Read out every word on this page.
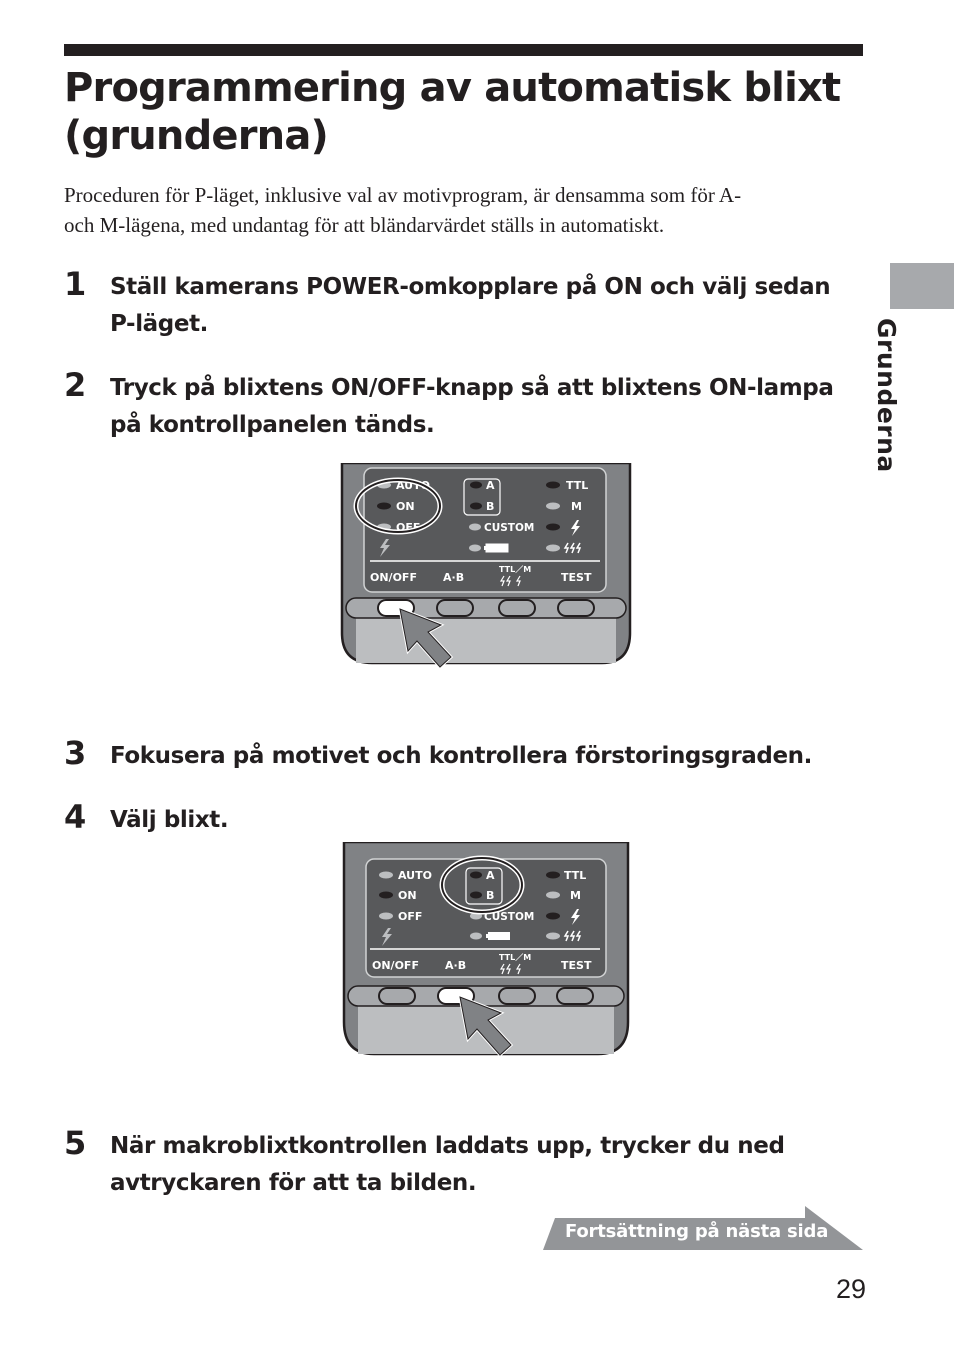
Programmering av automatisk blixt
(grunderna)

Proceduren för P-läget, inklusive val av motivprogram, är densamma som för A-
och M-lägena, med undantag för att bländarvärdet ställs in automatiskt.

Grunderna
1 Ställ kamerans POWER-omkopplare på ON och välj sedan
P-läget.

2 Tryck på blixtens ON/OFF-knapp så att blixtens ON-lampa
på kontrollpanelen tänds.

AUTO
ON
OFF
A
B
CUSTOM
TTL
M
ON/OFF A·B
TTL／M
TEST
3 Fokusera på motivet och kontrollera förstoringsgraden.

4 Välj blixt.

AUTO
ON
OFF
A
B
CUSTOM
TTL
M
ON/OFF A·B
TTL／M
TEST
5 När makroblixtkontrollen laddats upp, trycker du ned
avtryckaren för att ta bilden.

Fortsättning på nästa sida
29
